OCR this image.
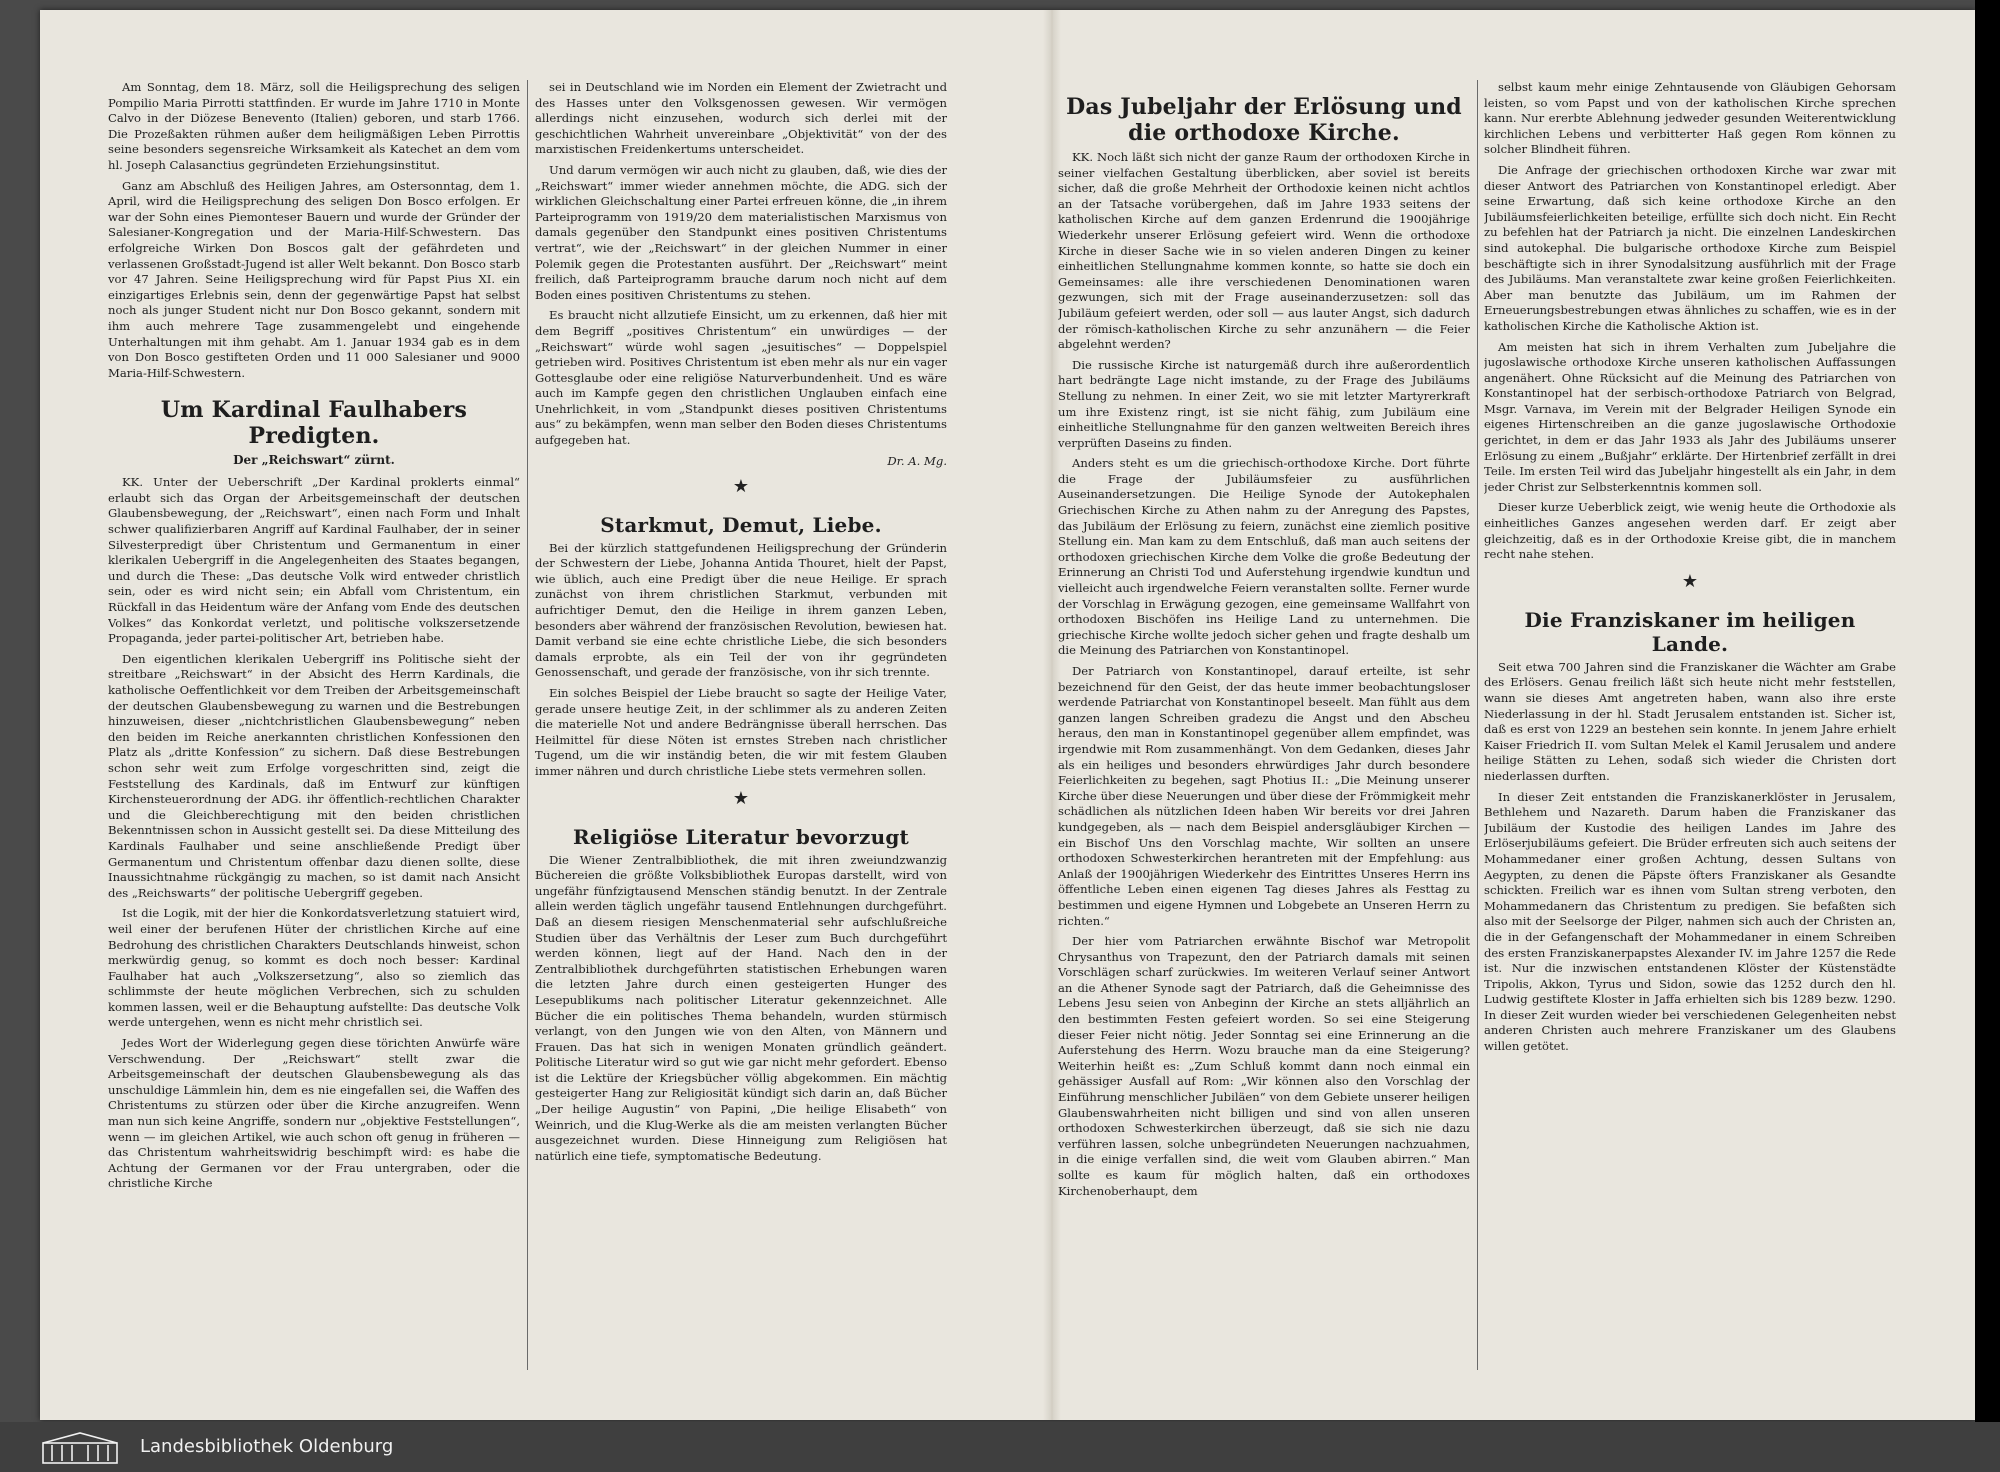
Am Sonntag, dem 18. März, soll die Heiligsprechung des seligen Pompilio Maria Pirrotti stattfinden. Er wurde im Jahre 1710 in Monte Calvo in der Diözese Benevento (Italien) geboren, und starb 1766. Die Prozeßakten rühmen außer dem heiligmäßigen Leben Pirrottis seine besonders segensreiche Wirksamkeit als Katechet an dem vom hl. Joseph Calasanctius gegründeten Erziehungsinstitut.

Ganz am Abschluß des Heiligen Jahres, am Ostersonntag, dem 1. April, wird die Heiligsprechung des seligen Don Bosco erfolgen. Er war der Sohn eines Piemonteser Bauern und wurde der Gründer der Salesianer-Kongregation und der Maria-Hilf-Schwestern. Das erfolgreiche Wirken Don Boscos galt der gefährdeten und verlassenen Großstadt-Jugend ist aller Welt bekannt. Don Bosco starb vor 47 Jahren. Seine Heiligsprechung wird für Papst Pius XI. ein einzigartiges Erlebnis sein, denn der gegenwärtige Papst hat selbst noch als junger Student nicht nur Don Bosco gekannt, sondern mit ihm auch mehrere Tage zusammengelebt und eingehende Unterhaltungen mit ihm gehabt. Am 1. Januar 1934 gab es in dem von Don Bosco gestifteten Orden und 11 000 Salesianer und 9000 Maria-Hilf-Schwestern.

Um Kardinal Faulhabers Predigten.
Der „Reichswart“ zürnt.

KK. Unter der Ueberschrift „Der Kardinal proklerts einmal“ erlaubt sich das Organ der Arbeitsgemeinschaft der deutschen Glaubensbewegung, der „Reichswart“, einen nach Form und Inhalt schwer qualifizierbaren Angriff auf Kardinal Faulhaber, der in seiner Silvesterpredigt über Christentum und Germanentum in einer klerikalen Uebergriff in die Angelegenheiten des Staates begangen, und durch die These: „Das deutsche Volk wird entweder christlich sein, oder es wird nicht sein; ein Abfall vom Christentum, ein Rückfall in das Heidentum wäre der Anfang vom Ende des deutschen Volkes“ das Konkordat verletzt, und politische volkszersetzende Propaganda, jeder partei-politischer Art, betrieben habe.

Den eigentlichen klerikalen Uebergriff ins Politische sieht der streitbare „Reichswart“ in der Absicht des Herrn Kardinals, die katholische Oeffentlichkeit vor dem Treiben der Arbeitsgemeinschaft der deutschen Glaubensbewegung zu warnen und die Bestrebungen hinzuweisen, dieser „nichtchristlichen Glaubensbewegung“ neben den beiden im Reiche anerkannten christlichen Konfessionen den Platz als „dritte Konfession“ zu sichern. Daß diese Bestrebungen schon sehr weit zum Erfolge vorgeschritten sind, zeigt die Feststellung des Kardinals, daß im Entwurf zur künftigen Kirchensteuerordnung der ADG. ihr öffentlich-rechtlichen Charakter und die Gleichberechtigung mit den beiden christlichen Bekenntnissen schon in Aussicht gestellt sei. Da diese Mitteilung des Kardinals Faulhaber und seine anschließende Predigt über Germanentum und Christentum offenbar dazu dienen sollte, diese Inaussichtnahme rückgängig zu machen, so ist damit nach Ansicht des „Reichswarts“ der politische Uebergriff gegeben.

Ist die Logik, mit der hier die Konkordatsverletzung statuiert wird, weil einer der berufenen Hüter der christlichen Kirche auf eine Bedrohung des christlichen Charakters Deutschlands hinweist, schon merkwürdig genug, so kommt es doch noch besser: Kardinal Faulhaber hat auch „Volkszersetzung“, also so ziemlich das schlimmste der heute möglichen Verbrechen, sich zu schulden kommen lassen, weil er die Behauptung aufstellte: Das deutsche Volk werde untergehen, wenn es nicht mehr christlich sei.

Jedes Wort der Widerlegung gegen diese törichten Anwürfe wäre Verschwendung. Der „Reichswart“ stellt zwar die Arbeitsgemeinschaft der deutschen Glaubensbewegung als das unschuldige Lämmlein hin, dem es nie eingefallen sei, die Waffen des Christentums zu stürzen oder über die Kirche anzugreifen. Wenn man nun sich keine Angriffe, sondern nur „objektive Feststellungen“, wenn — im gleichen Artikel, wie auch schon oft genug in früheren — das Christentum wahrheitswidrig beschimpft wird: es habe die Achtung der Germanen vor der Frau untergraben, oder die christliche Kirche

sei in Deutschland wie im Norden ein Element der Zwietracht und des Hasses unter den Volksgenossen gewesen. Wir vermögen allerdings nicht einzusehen, wodurch sich derlei mit der geschichtlichen Wahrheit unvereinbare „Objektivität“ von der des marxistischen Freidenkertums unterscheidet.

Und darum vermögen wir auch nicht zu glauben, daß, wie dies der „Reichswart“ immer wieder annehmen möchte, die ADG. sich der wirklichen Gleichschaltung einer Partei erfreuen könne, die „in ihrem Parteiprogramm von 1919/20 dem materialistischen Marxismus von damals gegenüber den Standpunkt eines positiven Christentums vertrat“, wie der „Reichswart“ in der gleichen Nummer in einer Polemik gegen die Protestanten ausführt. Der „Reichswart“ meint freilich, daß Parteiprogramm brauche darum noch nicht auf dem Boden eines positiven Christentums zu stehen.

Es braucht nicht allzutiefe Einsicht, um zu erkennen, daß hier mit dem Begriff „positives Christentum“ ein unwürdiges — der „Reichswart“ würde wohl sagen „jesuitisches“ — Doppelspiel getrieben wird. Positives Christentum ist eben mehr als nur ein vager Gottesglaube oder eine religiöse Naturverbundenheit. Und es wäre auch im Kampfe gegen den christlichen Unglauben einfach eine Unehrlichkeit, in vom „Standpunkt dieses positiven Christentums aus“ zu bekämpfen, wenn man selber den Boden dieses Christentums aufgegeben hat.

Dr. A. Mg.
★
Starkmut, Demut, Liebe.

Bei der kürzlich stattgefundenen Heiligsprechung der Gründerin der Schwestern der Liebe, Johanna Antida Thouret, hielt der Papst, wie üblich, auch eine Predigt über die neue Heilige. Er sprach zunächst von ihrem christlichen Starkmut, verbunden mit aufrichtiger Demut, den die Heilige in ihrem ganzen Leben, besonders aber während der französischen Revolution, bewiesen hat. Damit verband sie eine echte christliche Liebe, die sich besonders damals erprobte, als ein Teil der von ihr gegründeten Genossenschaft, und gerade der französische, von ihr sich trennte.

Ein solches Beispiel der Liebe braucht so sagte der Heilige Vater, gerade unsere heutige Zeit, in der schlimmer als zu anderen Zeiten die materielle Not und andere Bedrängnisse überall herrschen. Das Heilmittel für diese Nöten ist ernstes Streben nach christlicher Tugend, um die wir inständig beten, die wir mit festem Glauben immer nähren und durch christliche Liebe stets vermehren sollen.

★
Religiöse Literatur bevorzugt

Die Wiener Zentralbibliothek, die mit ihren zweiundzwanzig Büchereien die größte Volksbibliothek Europas darstellt, wird von ungefähr fünfzigtausend Menschen ständig benutzt. In der Zentrale allein werden täglich ungefähr tausend Entlehnungen durchgeführt. Daß an diesem riesigen Menschenmaterial sehr aufschlußreiche Studien über das Verhältnis der Leser zum Buch durchgeführt werden können, liegt auf der Hand. Nach den in der Zentralbibliothek durchgeführten statistischen Erhebungen waren die letzten Jahre durch einen gesteigerten Hunger des Lesepublikums nach politischer Literatur gekennzeichnet. Alle Bücher die ein politisches Thema behandeln, wurden stürmisch verlangt, von den Jungen wie von den Alten, von Männern und Frauen. Das hat sich in wenigen Monaten gründlich geändert. Politische Literatur wird so gut wie gar nicht mehr gefordert. Ebenso ist die Lektüre der Kriegsbücher völlig abgekommen. Ein mächtig gesteigerter Hang zur Religiosität kündigt sich darin an, daß Bücher „Der heilige Augustin“ von Papini, „Die heilige Elisabeth“ von Weinrich, und die Klug-Werke als die am meisten verlangten Bücher ausgezeichnet wurden. Diese Hinneigung zum Religiösen hat natürlich eine tiefe, symptomatische Bedeutung.

Das Jubeljahr der Erlösung und die orthodoxe Kirche.

KK. Noch läßt sich nicht der ganze Raum der orthodoxen Kirche in seiner vielfachen Gestaltung überblicken, aber soviel ist bereits sicher, daß die große Mehrheit der Orthodoxie keinen nicht achtlos an der Tatsache vorübergehen, daß im Jahre 1933 seitens der katholischen Kirche auf dem ganzen Erdenrund die 1900jährige Wiederkehr unserer Erlösung gefeiert wird. Wenn die orthodoxe Kirche in dieser Sache wie in so vielen anderen Dingen zu keiner einheitlichen Stellungnahme kommen konnte, so hatte sie doch ein Gemeinsames: alle ihre verschiedenen Denominationen waren gezwungen, sich mit der Frage auseinanderzusetzen: soll das Jubiläum gefeiert werden, oder soll — aus lauter Angst, sich dadurch der römisch-katholischen Kirche zu sehr anzunähern — die Feier abgelehnt werden?

Die russische Kirche ist naturgemäß durch ihre außerordentlich hart bedrängte Lage nicht imstande, zu der Frage des Jubiläums Stellung zu nehmen. In einer Zeit, wo sie mit letzter Martyrerkraft um ihre Existenz ringt, ist sie nicht fähig, zum Jubiläum eine einheitliche Stellungnahme für den ganzen weltweiten Bereich ihres verprüften Daseins zu finden.

Anders steht es um die griechisch-orthodoxe Kirche. Dort führte die Frage der Jubiläumsfeier zu ausführlichen Auseinandersetzungen. Die Heilige Synode der Autokephalen Griechischen Kirche zu Athen nahm zu der Anregung des Papstes, das Jubiläum der Erlösung zu feiern, zunächst eine ziemlich positive Stellung ein. Man kam zu dem Entschluß, daß man auch seitens der orthodoxen griechischen Kirche dem Volke die große Bedeutung der Erinnerung an Christi Tod und Auferstehung irgendwie kundtun und vielleicht auch irgendwelche Feiern veranstalten sollte. Ferner wurde der Vorschlag in Erwägung gezogen, eine gemeinsame Wallfahrt von orthodoxen Bischöfen ins Heilige Land zu unternehmen. Die griechische Kirche wollte jedoch sicher gehen und fragte deshalb um die Meinung des Patriarchen von Konstantinopel.

Der Patriarch von Konstantinopel, darauf erteilte, ist sehr bezeichnend für den Geist, der das heute immer beobachtungsloser werdende Patriarchat von Konstantinopel beseelt. Man fühlt aus dem ganzen langen Schreiben gradezu die Angst und den Abscheu heraus, den man in Konstantinopel gegenüber allem empfindet, was irgendwie mit Rom zusammenhängt. Von dem Gedanken, dieses Jahr als ein heiliges und besonders ehrwürdiges Jahr durch besondere Feierlichkeiten zu begehen, sagt Photius II.: „Die Meinung unserer Kirche über diese Neuerungen und über diese der Frömmigkeit mehr schädlichen als nützlichen Ideen haben Wir bereits vor drei Jahren kundgegeben, als — nach dem Beispiel andersgläubiger Kirchen — ein Bischof Uns den Vorschlag machte, Wir sollten an unsere orthodoxen Schwesterkirchen herantreten mit der Empfehlung: aus Anlaß der 1900jährigen Wiederkehr des Eintrittes Unseres Herrn ins öffentliche Leben einen eigenen Tag dieses Jahres als Festtag zu bestimmen und eigene Hymnen und Lobgebete an Unseren Herrn zu richten.“

Der hier vom Patriarchen erwähnte Bischof war Metropolit Chrysanthus von Trapezunt, den der Patriarch damals mit seinen Vorschlägen scharf zurückwies. Im weiteren Verlauf seiner Antwort an die Athener Synode sagt der Patriarch, daß die Geheimnisse des Lebens Jesu seien von Anbeginn der Kirche an stets alljährlich an den bestimmten Festen gefeiert worden. So sei eine Steigerung dieser Feier nicht nötig. Jeder Sonntag sei eine Erinnerung an die Auferstehung des Herrn. Wozu brauche man da eine Steigerung? Weiterhin heißt es: „Zum Schluß kommt dann noch einmal ein gehässiger Ausfall auf Rom: „Wir können also den Vorschlag der Einführung menschlicher Jubiläen“ von dem Gebiete unserer heiligen Glaubenswahrheiten nicht billigen und sind von allen unseren orthodoxen Schwesterkirchen überzeugt, daß sie sich nie dazu verführen lassen, solche unbegründeten Neuerungen nachzuahmen, in die einige verfallen sind, die weit vom Glauben abirren.“ Man sollte es kaum für möglich halten, daß ein orthodoxes Kirchenoberhaupt, dem

selbst kaum mehr einige Zehntausende von Gläubigen Gehorsam leisten, so vom Papst und von der katholischen Kirche sprechen kann. Nur ererbte Ablehnung jedweder gesunden Weiterentwicklung kirchlichen Lebens und verbitterter Haß gegen Rom können zu solcher Blindheit führen.

Die Anfrage der griechischen orthodoxen Kirche war zwar mit dieser Antwort des Patriarchen von Konstantinopel erledigt. Aber seine Erwartung, daß sich keine orthodoxe Kirche an den Jubiläumsfeierlichkeiten beteilige, erfüllte sich doch nicht. Ein Recht zu befehlen hat der Patriarch ja nicht. Die einzelnen Landeskirchen sind autokephal. Die bulgarische orthodoxe Kirche zum Beispiel beschäftigte sich in ihrer Synodalsitzung ausführlich mit der Frage des Jubiläums. Man veranstaltete zwar keine großen Feierlichkeiten. Aber man benutzte das Jubiläum, um im Rahmen der Erneuerungsbestrebungen etwas ähnliches zu schaffen, wie es in der katholischen Kirche die Katholische Aktion ist.

Am meisten hat sich in ihrem Verhalten zum Jubeljahre die jugoslawische orthodoxe Kirche unseren katholischen Auffassungen angenähert. Ohne Rücksicht auf die Meinung des Patriarchen von Konstantinopel hat der serbisch-orthodoxe Patriarch von Belgrad, Msgr. Varnava, im Verein mit der Belgrader Heiligen Synode ein eigenes Hirtenschreiben an die ganze jugoslawische Orthodoxie gerichtet, in dem er das Jahr 1933 als Jahr des Jubiläums unserer Erlösung zu einem „Bußjahr“ erklärte. Der Hirtenbrief zerfällt in drei Teile. Im ersten Teil wird das Jubeljahr hingestellt als ein Jahr, in dem jeder Christ zur Selbsterkenntnis kommen soll.

Dieser kurze Ueberblick zeigt, wie wenig heute die Orthodoxie als einheitliches Ganzes angesehen werden darf. Er zeigt aber gleichzeitig, daß es in der Orthodoxie Kreise gibt, die in manchem recht nahe stehen.

★
Die Franziskaner im heiligen Lande.

Seit etwa 700 Jahren sind die Franziskaner die Wächter am Grabe des Erlösers. Genau freilich läßt sich heute nicht mehr feststellen, wann sie dieses Amt angetreten haben, wann also ihre erste Niederlassung in der hl. Stadt Jerusalem entstanden ist. Sicher ist, daß es erst von 1229 an bestehen sein konnte. In jenem Jahre erhielt Kaiser Friedrich II. vom Sultan Melek el Kamil Jerusalem und andere heilige Stätten zu Lehen, sodaß sich wieder die Christen dort niederlassen durften.

In dieser Zeit entstanden die Franziskanerklöster in Jerusalem, Bethlehem und Nazareth. Darum haben die Franziskaner das Jubiläum der Kustodie des heiligen Landes im Jahre des Erlöserjubiläums gefeiert. Die Brüder erfreuten sich auch seitens der Mohammedaner einer großen Achtung, dessen Sultans von Aegypten, zu denen die Päpste öfters Franziskaner als Gesandte schickten. Freilich war es ihnen vom Sultan streng verboten, den Mohammedanern das Christentum zu predigen. Sie befaßten sich also mit der Seelsorge der Pilger, nahmen sich auch der Christen an, die in der Gefangenschaft der Mohammedaner in einem Schreiben des ersten Franziskanerpapstes Alexander IV. im Jahre 1257 die Rede ist. Nur die inzwischen entstandenen Klöster der Küstenstädte Tripolis, Akkon, Tyrus und Sidon, sowie das 1252 durch den hl. Ludwig gestiftete Kloster in Jaffa erhielten sich bis 1289 bezw. 1290. In dieser Zeit wurden wieder bei verschiedenen Gelegenheiten nebst anderen Christen auch mehrere Franziskaner um des Glaubens willen getötet.

Landesbibliothek Oldenburg
